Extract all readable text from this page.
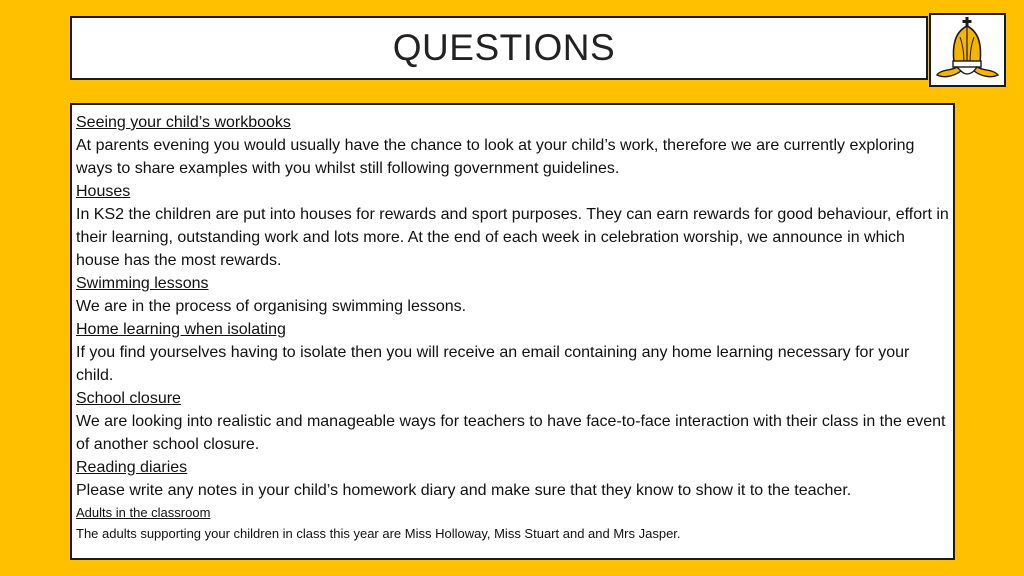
QUESTIONS
Seeing your child’s workbooks
At parents evening you would usually have the chance to look at your child’s work, therefore we are currently exploring ways to share examples with you whilst still following government guidelines.
Houses
In KS2 the children are put into houses for rewards and sport purposes. They can earn rewards for good behaviour, effort in their learning, outstanding work and lots more. At the end of each week in celebration worship, we announce in which house has the most rewards.
Swimming lessons
We are in the process of organising swimming lessons.
Home learning when isolating
If you find yourselves having to isolate then you will receive an email containing any home learning necessary for your child.
School closure
We are looking into realistic and manageable ways for teachers to have face-to-face interaction with their class in the event of another school closure.
Reading diaries
Please write any notes in your child’s homework diary and make sure that they know to show it to the teacher.
Adults in the classroom
The adults supporting your children in class this year are Miss Holloway, Miss Stuart and and Mrs Jasper.
